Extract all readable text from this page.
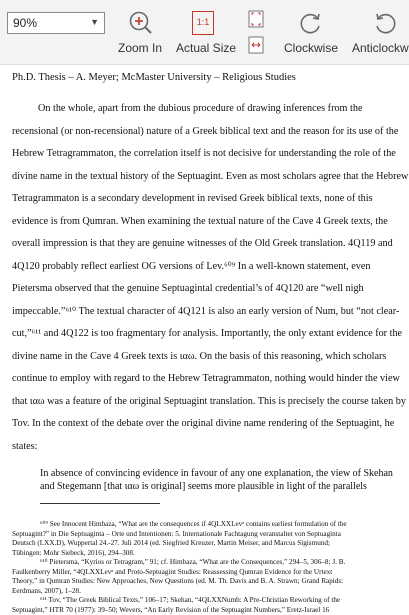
90%	▼
Zoom In
1:1
Actual Size	Clockwise Anticlockw
Ph.D. Thesis – A. Meyer; McMaster University – Religious Studies
On the whole, apart from the dubious procedure of drawing inferences from the
recensional (or non-recensional) nature of a Greek biblical text and the reason for its use of the
Hebrew Tetragrammaton, the correlation itself is not decisive for understanding the role of the
divine name in the textual history of the Septuagint. Even as most scholars agree that the Hebrew
Tetragrammaton is a secondary development in revised Greek biblical texts, none of this
evidence is from Qumran. When examining the textual nature of the Cave 4 Greek texts, the
overall impression is that they are genuine witnesses of the Old Greek translation. 4Q119 and
4Q120 probably reflect earliest OG versions of Lev.⁶⁰⁹ In a well-known statement, even
Pietersma observed that the genuine Septuagintal credential’s of 4Q120 are “well nigh
impeccable.”⁶¹⁰ The textual character of 4Q121 is also an early version of Num, but “not clear-
cut,”⁶¹¹ and 4Q122 is too fragmentary for analysis. Importantly, the only extant evidence for the
divine name in the Cave 4 Greek texts is ιαω. On the basis of this reasoning, which scholars
continue to employ with regard to the Hebrew Tetragrammaton, nothing would hinder the view
that ιαω was a feature of the original Septuagint translation. This is precisely the course taken by
Tov. In the context of the debate over the original divine name rendering of the Septuagint, he
states:
In absence of convincing evidence in favour of any one explanation, the view of Skehan
and Stegemann [that ιαω is original] seems more plausible in light of the parallels
⁶⁰⁹ See Innocent Himbaza, “What are the consequences if 4QLXXLevᵃ contains earliest formulation of the
Septuagint?” in Die Septuaginta – Orte und Intentionen: 5. Internationale Fachtagung veranstaltet von Septuaginta
Deutsch (LXX.D), Wuppertal 24.-27. Juli 2014 (ed. Siegfried Kreuzer, Martin Meiser, and Marcus Sigismund;
Tübingen: Mohr Siebeck, 2016), 294–308.
⁶¹⁰ Pietersma, “Kyrios or Tetragram,” 91; cf. Himbaza, “What are the Consequences,” 294–5, 306–8; J. B.
Faulkenberry Miller, “4QLXXLevᵃ and Proto-Septuagint Studies: Reassessing Qumran Evidence for the Urtext
Theory,” in Qumran Studies: New Approaches, New Questions (ed. M. Th. Davis and B. A. Strawn; Grand Rapids:
Eerdmans, 2007), 1–28.
⁶¹¹ Tov, “The Greek Biblical Texts,” 106–17; Skehan, “4QLXXNumb: A Pre-Christian Reworking of the
Septuagint,” HTR 70 (1977): 39–50; Wevers, “An Early Revision of the Septuagint Numbers,” Eretz-Israel 16
